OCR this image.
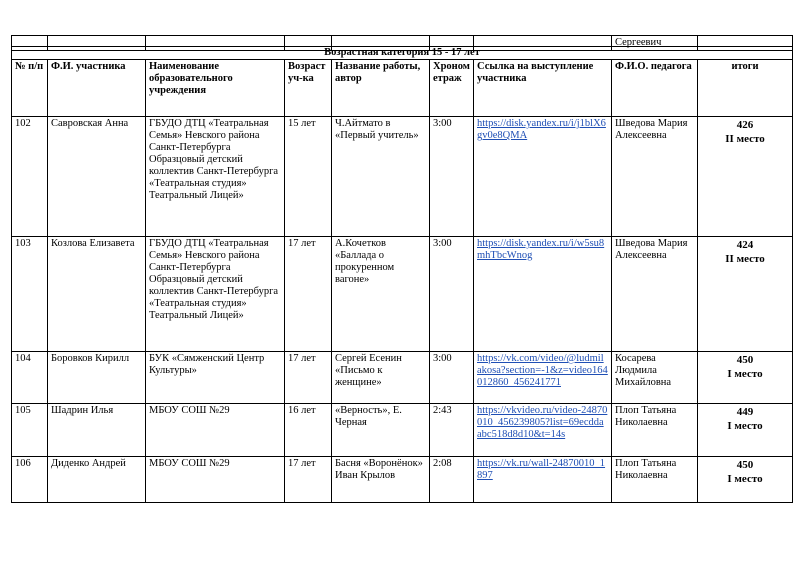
							Сергеевич	
Возрастная категория 15 - 17 лет								
№ п/п	Ф.И. участника	Наименование образовательного учреждения	Возраст уч-ка	Название работы, автор	Хронометраж	Ссылка на выступление участника	Ф.И.О. педагога	итоги
102	Савровская Анна	ГБУДО ДТЦ «Театральная Семья» Невского района Санкт-Петербурга Образцовый детский коллектив Санкт-Петербурга «Театральная студия» Театральный Лицей»	15 лет	Ч.Айтмато в «Первый учитель»	3:00	https://disk.yandex.ru/i/j1blX6gv0e8QMA	Шведова Мария Алексеевна	426
II место

103	Козлова Елизавета	ГБУДО ДТЦ «Театральная Семья» Невского района Санкт-Петербурга Образцовый детский коллектив Санкт-Петербурга «Театральная студия» Театральный Лицей»	17 лет	А.Кочетков «Баллада о прокуренном вагоне»	3:00	https://disk.yandex.ru/i/w5su8mhTbcWnog	Шведова Мария Алексеевна	424
II место

104	Боровков Кирилл	БУК «Сямженский Центр Культуры»	17 лет	Сергей Есенин «Письмо к женщине»	3:00	https://vk.com/video/@ludmilakosa?section=-1&z=video164012860_456241771	Косарева Людмила Михайловна	450
I место

105	Шадрин Илья	МБОУ СОШ №29	16 лет	«Верность», Е. Черная	2:43	https://vkvideo.ru/video-24870010_456239805?list=69ecddaabc518d8d10&t=14s	Плоп Татьяна Николаевна	449
I место

106	Диденко Андрей	МБОУ СОШ №29	17 лет	Басня «Воронёнок» Иван Крылов	2:08	https://vk.ru/wall-24870010_1897	Плоп Татьяна Николаевна	450
I место
